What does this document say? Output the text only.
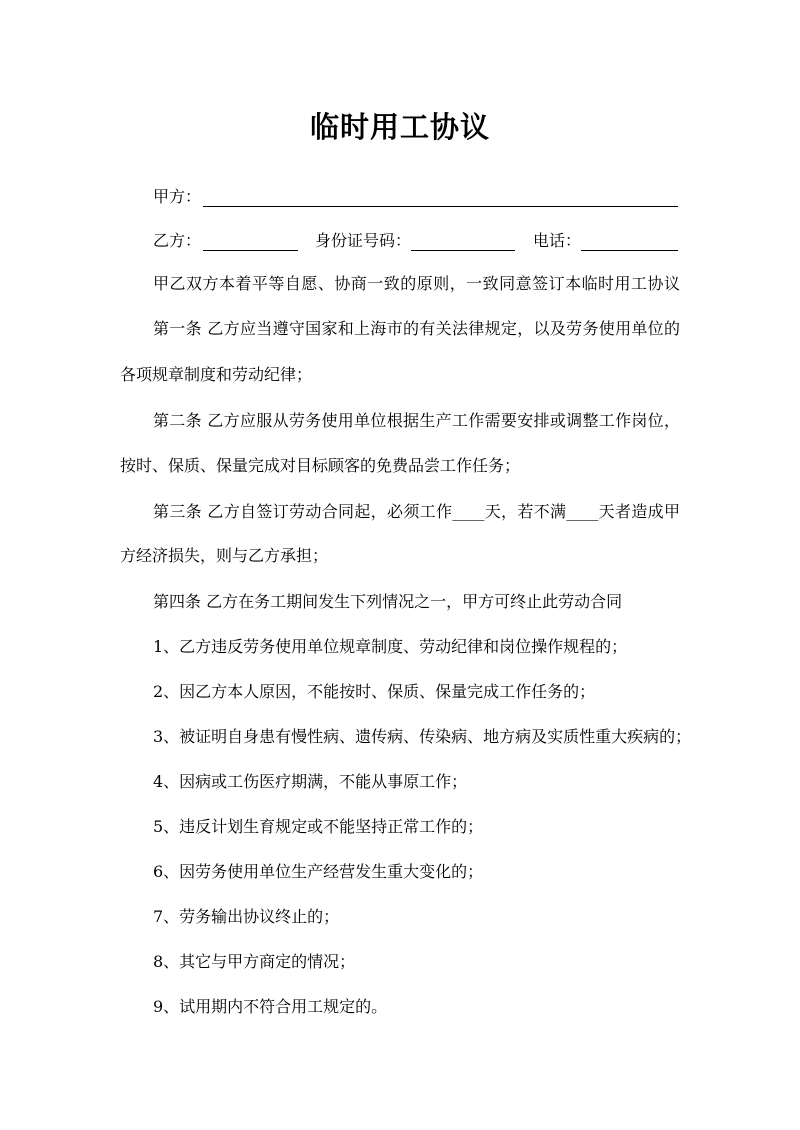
临时用工协议
甲方：
乙方：	身份证号码：	电话：
甲乙双方本着平等自愿、协商一致的原则，一致同意签订本临时用工协议
第一条 乙方应当遵守国家和上海市的有关法律规定，以及劳务使用单位的
各项规章制度和劳动纪律；
第二条 乙方应服从劳务使用单位根据生产工作需要安排或调整工作岗位，
按时、保质、保量完成对目标顾客的免费品尝工作任务；
第三条 乙方自签订劳动合同起，必须工作____天，若不满____天者造成甲
方经济损失，则与乙方承担；
第四条 乙方在务工期间发生下列情况之一，甲方可终止此劳动合同
1、乙方违反劳务使用单位规章制度、劳动纪律和岗位操作规程的；
2、因乙方本人原因，不能按时、保质、保量完成工作任务的；
3、被证明自身患有慢性病、遗传病、传染病、地方病及实质性重大疾病的；
4、因病或工伤医疗期满，不能从事原工作；
5、违反计划生育规定或不能坚持正常工作的；
6、因劳务使用单位生产经营发生重大变化的；
7、劳务输出协议终止的；
8、其它与甲方商定的情况；
9、试用期内不符合用工规定的。
